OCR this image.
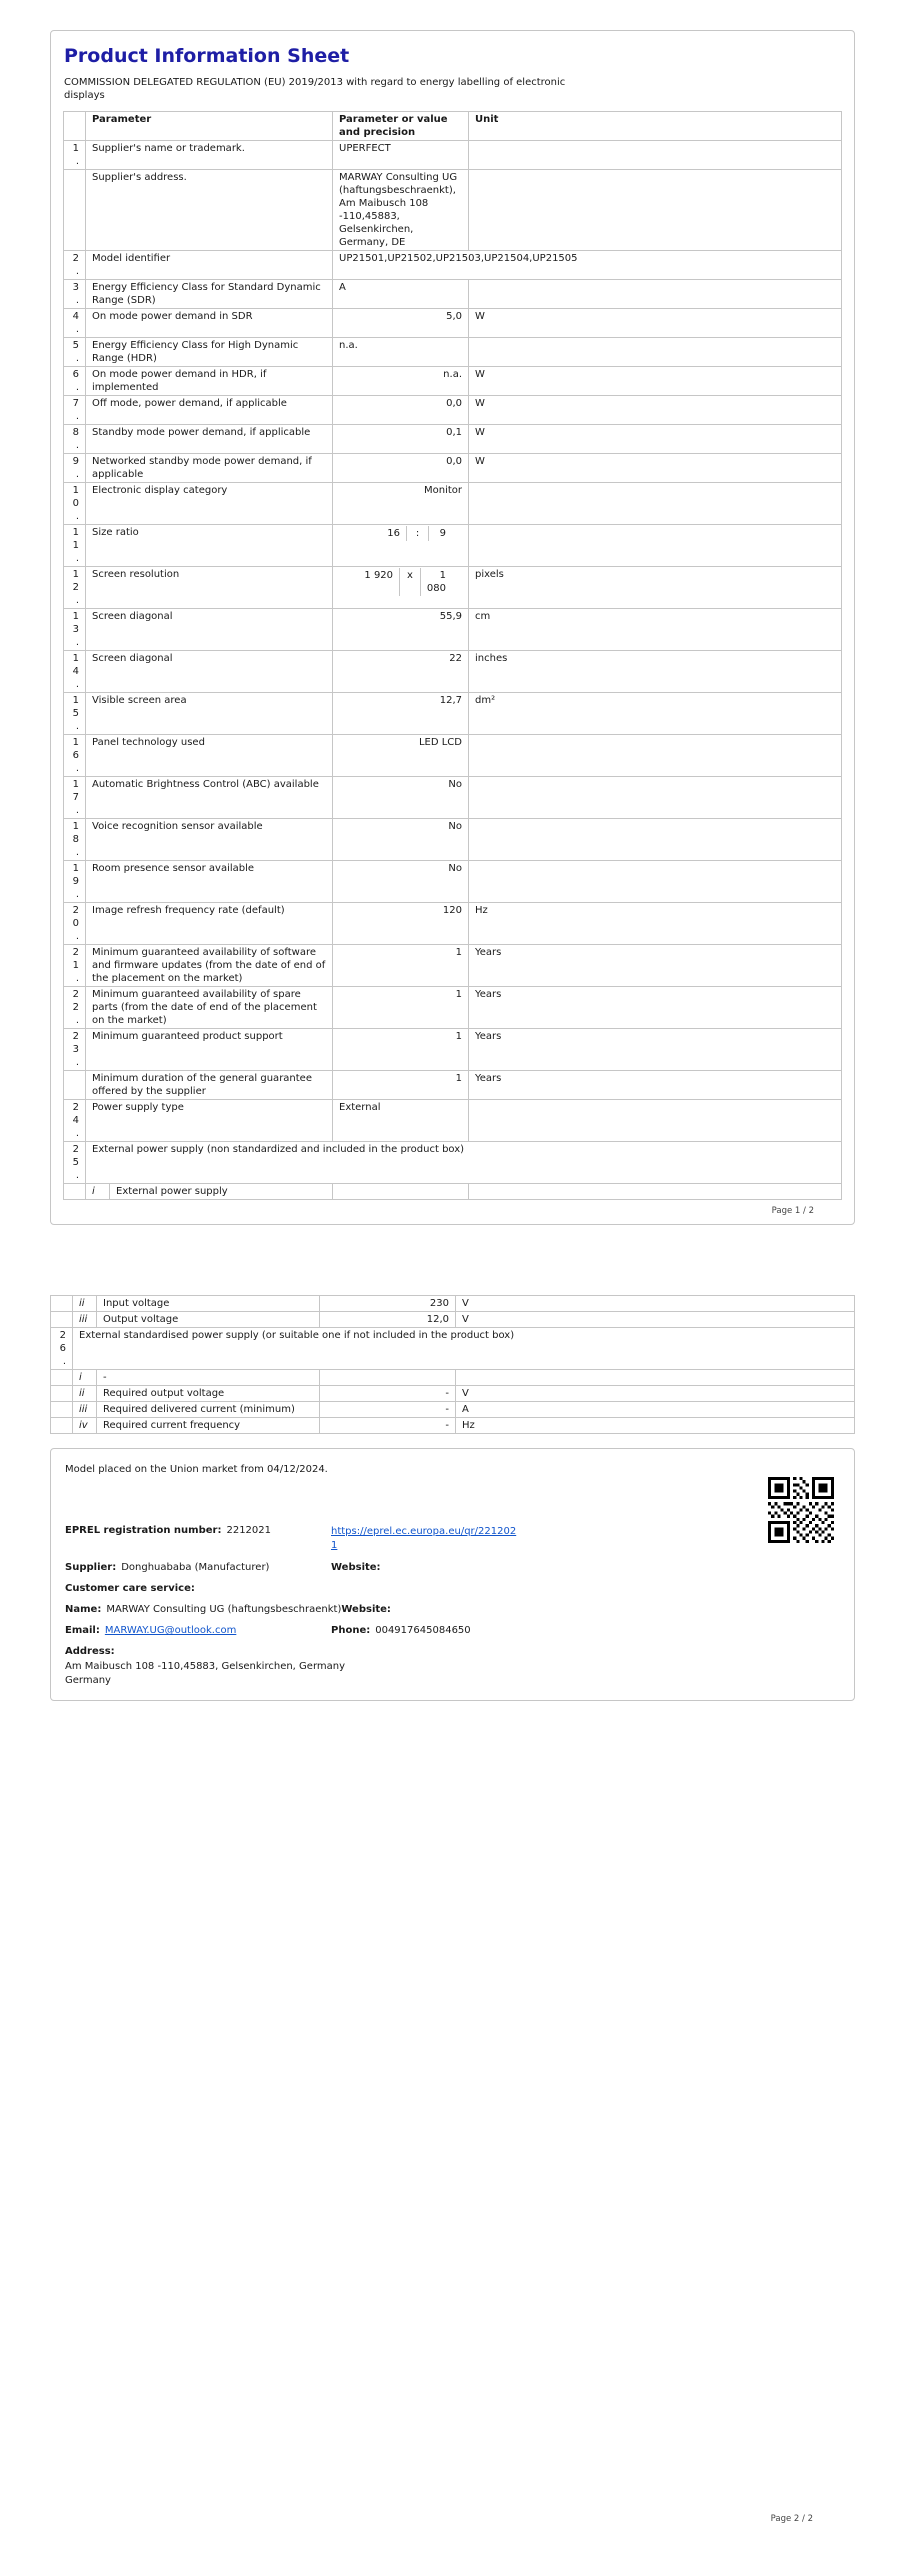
Product Information Sheet
COMMISSION DELEGATED REGULATION (EU) 2019/2013 with regard to energy labelling of electronic displays
	Parameter		Parameter or value and precision	Unit
1.	Supplier's name or trademark.		UPERFECT	
	Supplier's address.		MARWAY Consulting UG (haftungsbeschraenkt), Am Maibusch 108 -110,45883, Gelsenkirchen, Germany, DE	
2.	Model identifier		UP21501,UP21502,UP21503,UP21504,UP21505	
3.	Energy Efficiency Class for Standard Dynamic Range (SDR)		A	
4.	On mode power demand in SDR		5,0	W
5.	Energy Efficiency Class for High Dynamic Range (HDR)		n.a.	
6.	On mode power demand in HDR, if implemented		n.a.	W
7.	Off mode, power demand, if applicable		0,0	W
8.	Standby mode power demand, if applicable		0,1	W
9.	Networked standby mode power demand, if applicable		0,0	W
10.	Electronic display category		Monitor	
11.	Size ratio		16 : 9	

12.	Screen resolution		1 920 x 1 080	pixels
13.	Screen diagonal		55,9	cm
14.	Screen diagonal		22	inches
15.	Visible screen area		12,7	dm²
16.	Panel technology used		LED LCD	
17.	Automatic Brightness Control (ABC) available		No	
18.	Voice recognition sensor available		No	
19.	Room presence sensor available		No	
20.	Image refresh frequency rate (default)		120	Hz
21.	Minimum guaranteed availability of software and firmware updates (from the date of end of the placement on the market)		1	Years
22.	Minimum guaranteed availability of spare parts (from the date of end of the placement on the market)		1	Years
23.	Minimum guaranteed product support		1	Years
	Minimum duration of the general guarantee offered by the supplier		1	Years
24.	Power supply type		External	
25.	External power supply (non standardized and included in the product box)			
	i	External power supply		
Page 1 / 2
	ii	Input voltage	230	V
	iii	Output voltage	12,0	V
26.	External standardised power supply (or suitable one if not included in the product box)			
	i	-		
	ii	Required output voltage	-	V
	iii	Required delivered current (minimum)	-	A
	iv	Required current frequency	-	Hz
Model placed on the Union market from 04/12/2024.
EPREL registration number: 2212021	https://eprel.ec.europa.eu/qr/2212021
Supplier: Donghuababa (Manufacturer)	Website:
Customer care service:
Name: MARWAY Consulting UG (haftungsbeschraenkt) Website:
Email: MARWAY.UG@outlook.com	Phone: 004917645084650
Address:
Am Maibusch 108 -110,45883, Gelsenkirchen, Germany
Germany
Page 2 / 2
